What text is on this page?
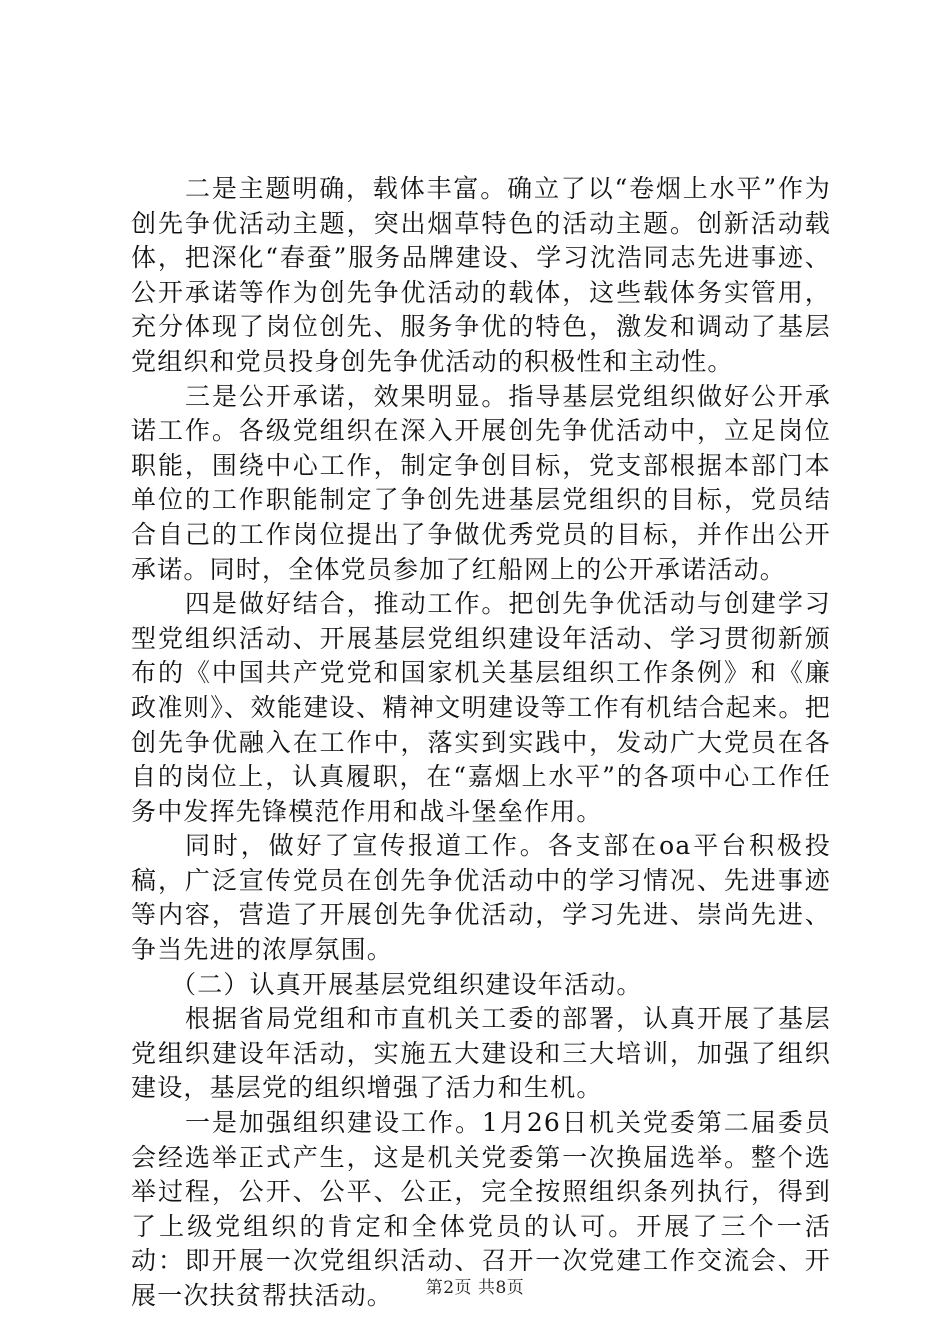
二是主题明确，载体丰富。确立了以“卷烟上水平”作为创先争优活动主题，突出烟草特色的活动主题。创新活动载体，把深化“春蚕”服务品牌建设、学习沈浩同志先进事迹、公开承诺等作为创先争优活动的载体，这些载体务实管用，充分体现了岗位创先、服务争优的特色，激发和调动了基层党组织和党员投身创先争优活动的积极性和主动性。

三是公开承诺，效果明显。指导基层党组织做好公开承诺工作。各级党组织在深入开展创先争优活动中，立足岗位职能，围绕中心工作，制定争创目标，党支部根据本部门本单位的工作职能制定了争创先进基层党组织的目标，党员结合自己的工作岗位提出了争做优秀党员的目标，并作出公开承诺。同时，全体党员参加了红船网上的公开承诺活动。

四是做好结合，推动工作。把创先争优活动与创建学习型党组织活动、开展基层党组织建设年活动、学习贯彻新颁布的《中国共产党党和国家机关基层组织工作条例》和《廉政准则》、效能建设、精神文明建设等工作有机结合起来。把创先争优融入在工作中，落实到实践中，发动广大党员在各自的岗位上，认真履职，在“嘉烟上水平”的各项中心工作任务中发挥先锋模范作用和战斗堡垒作用。

同时，做好了宣传报道工作。各支部在oa平台积极投稿，广泛宣传党员在创先争优活动中的学习情况、先进事迹等内容，营造了开展创先争优活动，学习先进、崇尚先进、争当先进的浓厚氛围。

（二）认真开展基层党组织建设年活动。

根据省局党组和市直机关工委的部署，认真开展了基层党组织建设年活动，实施五大建设和三大培训，加强了组织建设，基层党的组织增强了活力和生机。

一是加强组织建设工作。1月26日机关党委第二届委员会经选举正式产生，这是机关党委第一次换届选举。整个选举过程，公开、公平、公正，完全按照组织条列执行，得到了上级党组织的肯定和全体党员的认可。开展了三个一活动：即开展一次党组织活动、召开一次党建工作交流会、开展一次扶贫帮扶活动。	第2页 共8页
